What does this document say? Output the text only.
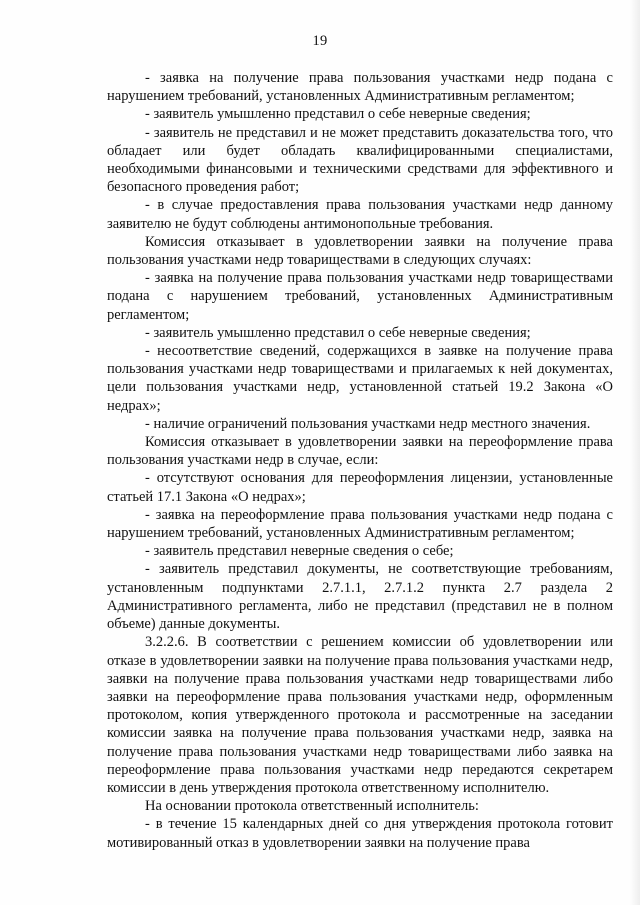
19

- заявка на получение права пользования участками недр подана с нарушением требований, установленных Административным регламентом;

- заявитель умышленно представил о себе неверные сведения;

- заявитель не представил и не может представить доказательства того, что обладает или будет обладать квалифицированными специалистами, необходимыми финансовыми и техническими средствами для эффективного и безопасного проведения работ;

- в случае предоставления права пользования участками недр данному заявителю не будут соблюдены антимонопольные требования.

Комиссия отказывает в удовлетворении заявки на получение права пользования участками недр товариществами в следующих случаях:

- заявка на получение права пользования участками недр товариществами подана с нарушением требований, установленных Административным регламентом;

- заявитель умышленно представил о себе неверные сведения;

- несоответствие сведений, содержащихся в заявке на получение права пользования участками недр товариществами и прилагаемых к ней документах, цели пользования участками недр, установленной статьей 19.2 Закона «О недрах»;

- наличие ограничений пользования участками недр местного значения.

Комиссия отказывает в удовлетворении заявки на переоформление права пользования участками недр в случае, если:

- отсутствуют основания для переоформления лицензии, установленные статьей 17.1 Закона «О недрах»;

- заявка на переоформление права пользования участками недр подана с нарушением требований, установленных Административным регламентом;

- заявитель представил неверные сведения о себе;

- заявитель представил документы, не соответствующие требованиям, установленным подпунктами 2.7.1.1, 2.7.1.2 пункта 2.7 раздела 2 Административного регламента, либо не представил (представил не в полном объеме) данные документы.

3.2.2.6. В соответствии с решением комиссии об удовлетворении или отказе в удовлетворении заявки на получение права пользования участками недр, заявки на получение права пользования участками недр товариществами либо заявки на переоформление права пользования участками недр, оформленным протоколом, копия утвержденного протокола и рассмотренные на заседании комиссии заявка на получение права пользования участками недр, заявка на получение права пользования участками недр товариществами либо заявка на переоформление права пользования участками недр передаются секретарем комиссии в день утверждения протокола ответственному исполнителю.

На основании протокола ответственный исполнитель:

- в течение 15 календарных дней со дня утверждения протокола готовит мотивированный отказ в удовлетворении заявки на получение права
